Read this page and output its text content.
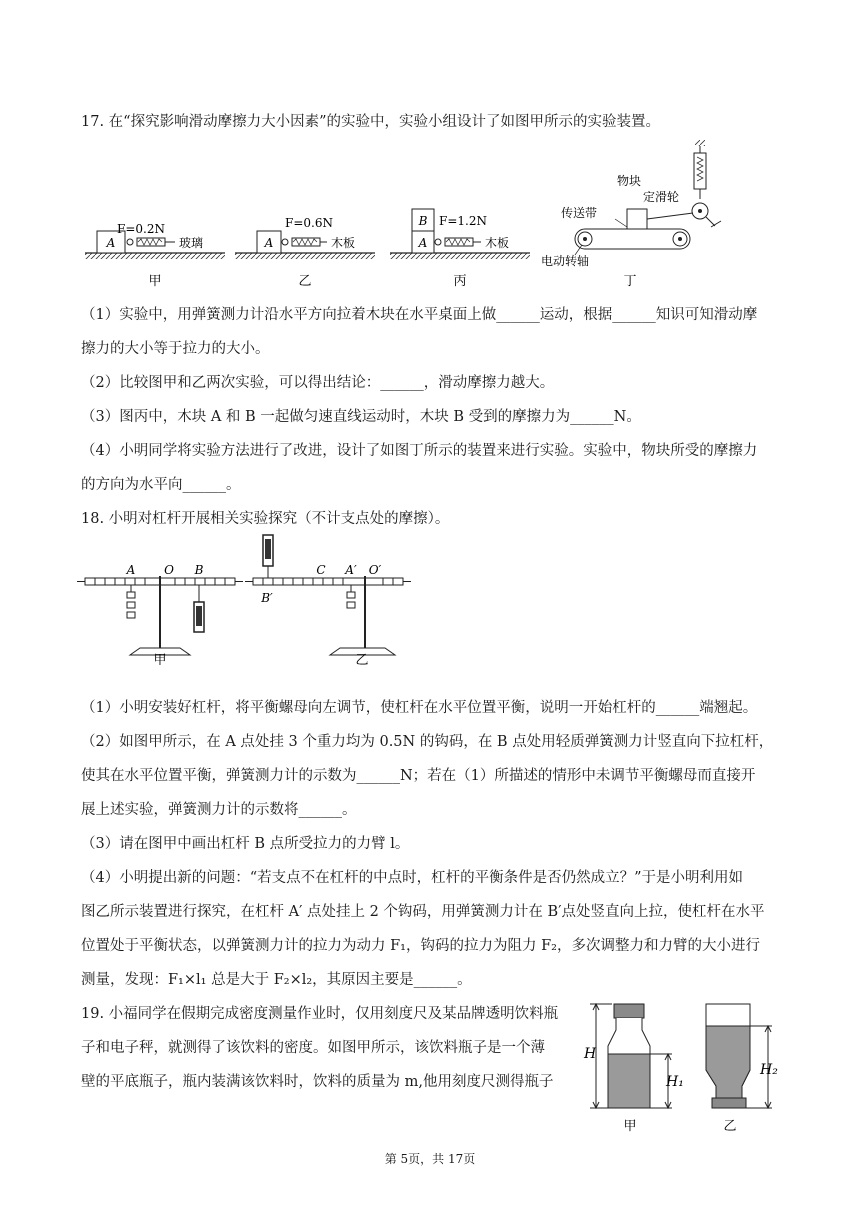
17. 在“探究影响滑动摩擦力大小因素”的实验中，实验小组设计了如图甲所示的实验装置。
A
F=0.2N
玻璃	A
F=0.6N
木板	A
B F=1.2N
木板
物块
定滑轮
传送带
电动转轴
甲	乙	丙	丁
（1）实验中，用弹簧测力计沿水平方向拉着木块在水平桌面上做______运动，根据______知识可知滑动摩
擦力的大小等于拉力的大小。
（2）比较图甲和乙两次实验，可以得出结论：______，滑动摩擦力越大。
（3）图丙中，木块 A 和 B 一起做匀速直线运动时，木块 B 受到的摩擦力为______N。
（4）小明同学将实验方法进行了改进，设计了如图丁所示的装置来进行实验。实验中，物块所受的摩擦力
的方向为水平向______。
18. 小明对杠杆开展相关实验探究（不计支点处的摩擦）。
A O B	C A′ O′
B′
甲	乙
（1）小明安装好杠杆，将平衡螺母向左调节，使杠杆在水平位置平衡，说明一开始杠杆的______端翘起。
（2）如图甲所示，在 A 点处挂 3 个重力均为 0.5N 的钩码，在 B 点处用轻质弹簧测力计竖直向下拉杠杆，
使其在水平位置平衡，弹簧测力计的示数为______N；若在（1）所描述的情形中未调节平衡螺母而直接开
展上述实验，弹簧测力计的示数将______。
（3）请在图甲中画出杠杆 B 点所受拉力的力臂 l。
（4）小明提出新的问题：“若支点不在杠杆的中点时，杠杆的平衡条件是否仍然成立？”于是小明利用如
图乙所示装置进行探究，在杠杆 A′ 点处挂上 2 个钩码，用弹簧测力计在 B′点处竖直向上拉，使杠杆在水平
位置处于平衡状态，以弹簧测力计的拉力为动力 F₁，钩码的拉力为阻力 F₂，多次调整力和力臂的大小进行
测量，发现：F₁×l₁ 总是大于 F₂×l₂，其原因主要是______。
19. 小福同学在假期完成密度测量作业时，仅用刻度尺及某品牌透明饮料瓶
子和电子秤，就测得了该饮料的密度。如图甲所示，该饮料瓶子是一个薄
壁的平底瓶子，瓶内装满该饮料时，饮料的质量为 m,他用刻度尺测得瓶子
H
H₁
甲
H₂
乙
第 5页，共 17页
